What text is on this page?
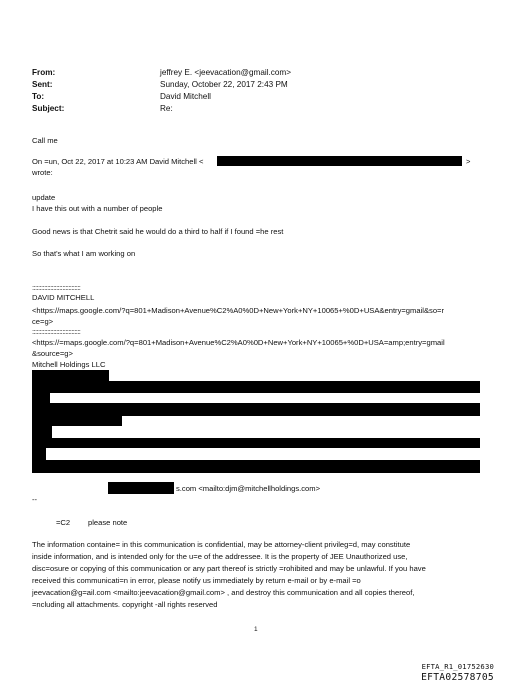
From:	jeffrey E. <jeevacation@gmail.com>
Sent:	Sunday, October 22, 2017 2:43 PM
To:	David Mitchell
Subject:	Re:
Call me
On =un, Oct 22, 2017 at 10:23 AM David Mitchell <	>
wrote:
update
I have this out with a number of people
Good news is that Chetrit said he would do a third to half if I found =he rest
So that's what I am working on
::::::::::::::::::::::::::::::::
DAVID MITCHELL
<https://maps.google.com/?q=801+Madison+Avenue%C2%A0%0D+New+York+NY+10065+%0D+USA&entry=gmail&so=r
ce=g>
::::::::::::::::::::::::::::::::
<https://=maps.google.com/?q=801+Madison+Avenue%C2%A0%0D+New+York+NY+10065+%0D+USA=amp;entry=gmail
&source=g>
Mitchell Holdings LLC
s.com <mailto:djm@mitchellholdings.com>
--
=C2 please note
The information containe= in this communication is confidential, may be attorney-client privileg=d, may constitute
inside information, and is intended only for the u=e of the addressee. It is the property of JEE Unauthorized use,
disc=osure or copying of this communication or any part thereof is strictly =rohibited and may be unlawful. If you have
received this communicati=n in error, please notify us immediately by return e-mail or by e-mail =o
jeevacation@g=ail.com <mailto:jeevacation@gmail.com> , and destroy this communication and all copies thereof,
=ncluding all attachments. copyright -all rights reserved
1
EFTA_R1_01752630
EFTA02578705
